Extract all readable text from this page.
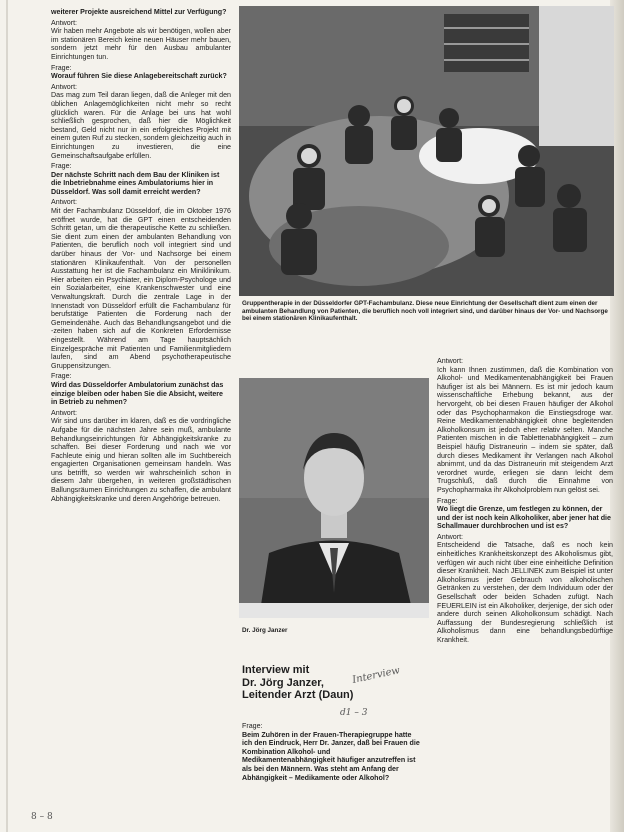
weiterer Projekte ausreichend Mittel zur Verfügung?
Antwort:
Wir haben mehr Angebote als wir benötigen, wollen aber im stationären Bereich keine neuen Häuser mehr bauen, sondern jetzt mehr für den Ausbau ambulanter Einrichtungen tun.
Frage:
Worauf führen Sie diese Anlagebereitschaft zurück?
Antwort:
Das mag zum Teil daran liegen, daß die Anleger mit den üblichen Anlagemöglichkeiten nicht mehr so recht glücklich waren. Für die Anlage bei uns hat wohl schließlich gesprochen, daß hier die Möglichkeit bestand, Geld nicht nur in ein erfolgreiches Projekt mit einem guten Ruf zu stecken, sondern gleichzeitig auch in Einrichtungen zu investieren, die eine Gemeinschaftsaufgabe erfüllen.
Frage:
Der nächste Schritt nach dem Bau der Kliniken ist die Inbetriebnahme eines Ambulatoriums hier in Düsseldorf. Was soll damit erreicht werden?
Antwort:
Mit der Fachambulanz Düsseldorf, die im Oktober 1976 eröffnet wurde, hat die GPT einen entscheidenden Schritt getan, um die therapeutische Kette zu schließen. Sie dient zum einen der ambulanten Behandlung von Patienten, die beruflich noch voll integriert sind und darüber hinaus der Vor- und Nachsorge bei einem stationären Klinikaufenthalt. Von der personellen Ausstattung her ist die Fachambulanz ein Miniklinikum. Hier arbeiten ein Psychiater, ein Diplom-Psychologe und ein Sozialarbeiter, eine Krankenschwester und eine Verwaltungskraft. Durch die zentrale Lage in der Innenstadt von Düsseldorf erfüllt die Fachambulanz für berufstätige Patienten die Forderung nach der Gemeindenähe. Auch das Behandlungsangebot und die -zeiten haben sich auf die Konkreten Erfordernisse eingestellt. Während am Tage hauptsächlich Einzelgespräche mit Patienten und Familienmitgliedern laufen, sind am Abend psychotherapeutische Gruppensitzungen.
Frage:
Wird das Düsseldorfer Ambulatorium zunächst das einzige bleiben oder haben Sie die Absicht, weitere in Betrieb zu nehmen?
Antwort:
Wir sind uns darüber im klaren, daß es die vordringliche Aufgabe für die nächsten Jahre sein muß, ambulante Behandlungseinrichtungen für Abhängigkeitskranke zu schaffen. Bei dieser Forderung und nach wie vor Fachleute einig und hieran sollten alle im Suchtbereich engagierten Organisationen gemeinsam handeln. Was uns betrifft, so werden wir wahrscheinlich schon in diesem Jahr übergehen, in weiteren großstädtischen Ballungsräumen Einrichtungen zu schaffen, die ambulant Abhängigkeitskranke und deren Angehörige betreuen.
Gruppentherapie in der Düsseldorfer GPT-Fachambulanz. Diese neue Einrichtung der Gesellschaft dient zum einen der ambulanten Behandlung von Patienten, die beruflich noch voll integriert sind, und darüber hinaus der Vor- und Nachsorge bei einem stationären Klinikaufenthalt.
Dr. Jörg Janzer
Interview mit
Dr. Jörg Janzer,
Leitender Arzt (Daun)
Interview
d1 – 3
Frage:
Beim Zuhören in der Frauen-Therapiegruppe hatte ich den Eindruck, Herr Dr. Janzer, daß bei Frauen die Kombination Alkohol- und Medikamentenabhängigkeit häufiger anzutreffen ist als bei den Männern. Was steht am Anfang der Abhängigkeit – Medikamente oder Alkohol?
Antwort:
Ich kann Ihnen zustimmen, daß die Kombination von Alkohol- und Medikamentenabhängigkeit bei Frauen häufiger ist als bei Männern. Es ist mir jedoch kaum wissenschaftliche Erhebung bekannt, aus der hervorgeht, ob bei diesen Frauen häufiger der Alkohol oder das Psychopharmakon die Einstiegsdroge war. Reine Medikamentenabhängigkeit ohne begleitenden Alkoholkonsum ist jedoch eher relativ selten. Manche Patienten mischen in die Tablettenabhängigkeit – zum Beispiel häufig Distraneurin – indem sie später, daß durch dieses Medikament ihr Verlangen nach Alkohol abnimmt, und da das Distraneurin mit steigendem Arzt verordnet wurde, erliegen sie dann leicht dem Trugschluß, daß durch die Einnahme von Psychopharmaka ihr Alkoholproblem nun gelöst sei.
Frage:
Wo liegt die Grenze, um festlegen zu können, der und der ist noch kein Alkoholiker, aber jener hat die Schallmauer durchbrochen und ist es?
Antwort:
Entscheidend die Tatsache, daß es noch kein einheitliches Krankheitskonzept des Alkoholismus gibt, verfügen wir auch nicht über eine einheitliche Definition dieser Krankheit. Nach JELLINEK zum Beispiel ist unter Alkoholismus jeder Gebrauch von alkoholischen Getränken zu verstehen, der dem Individuum oder der Gesellschaft oder beiden Schaden zufügt. Nach FEUERLEIN ist ein Alkoholiker, derjenige, der sich oder andere durch seinen Alkoholkonsum schädigt. Nach Auffassung der Bundesregierung schließlich ist Alkoholismus dann eine behandlungsbedürftige Krankheit.
8 – 8
